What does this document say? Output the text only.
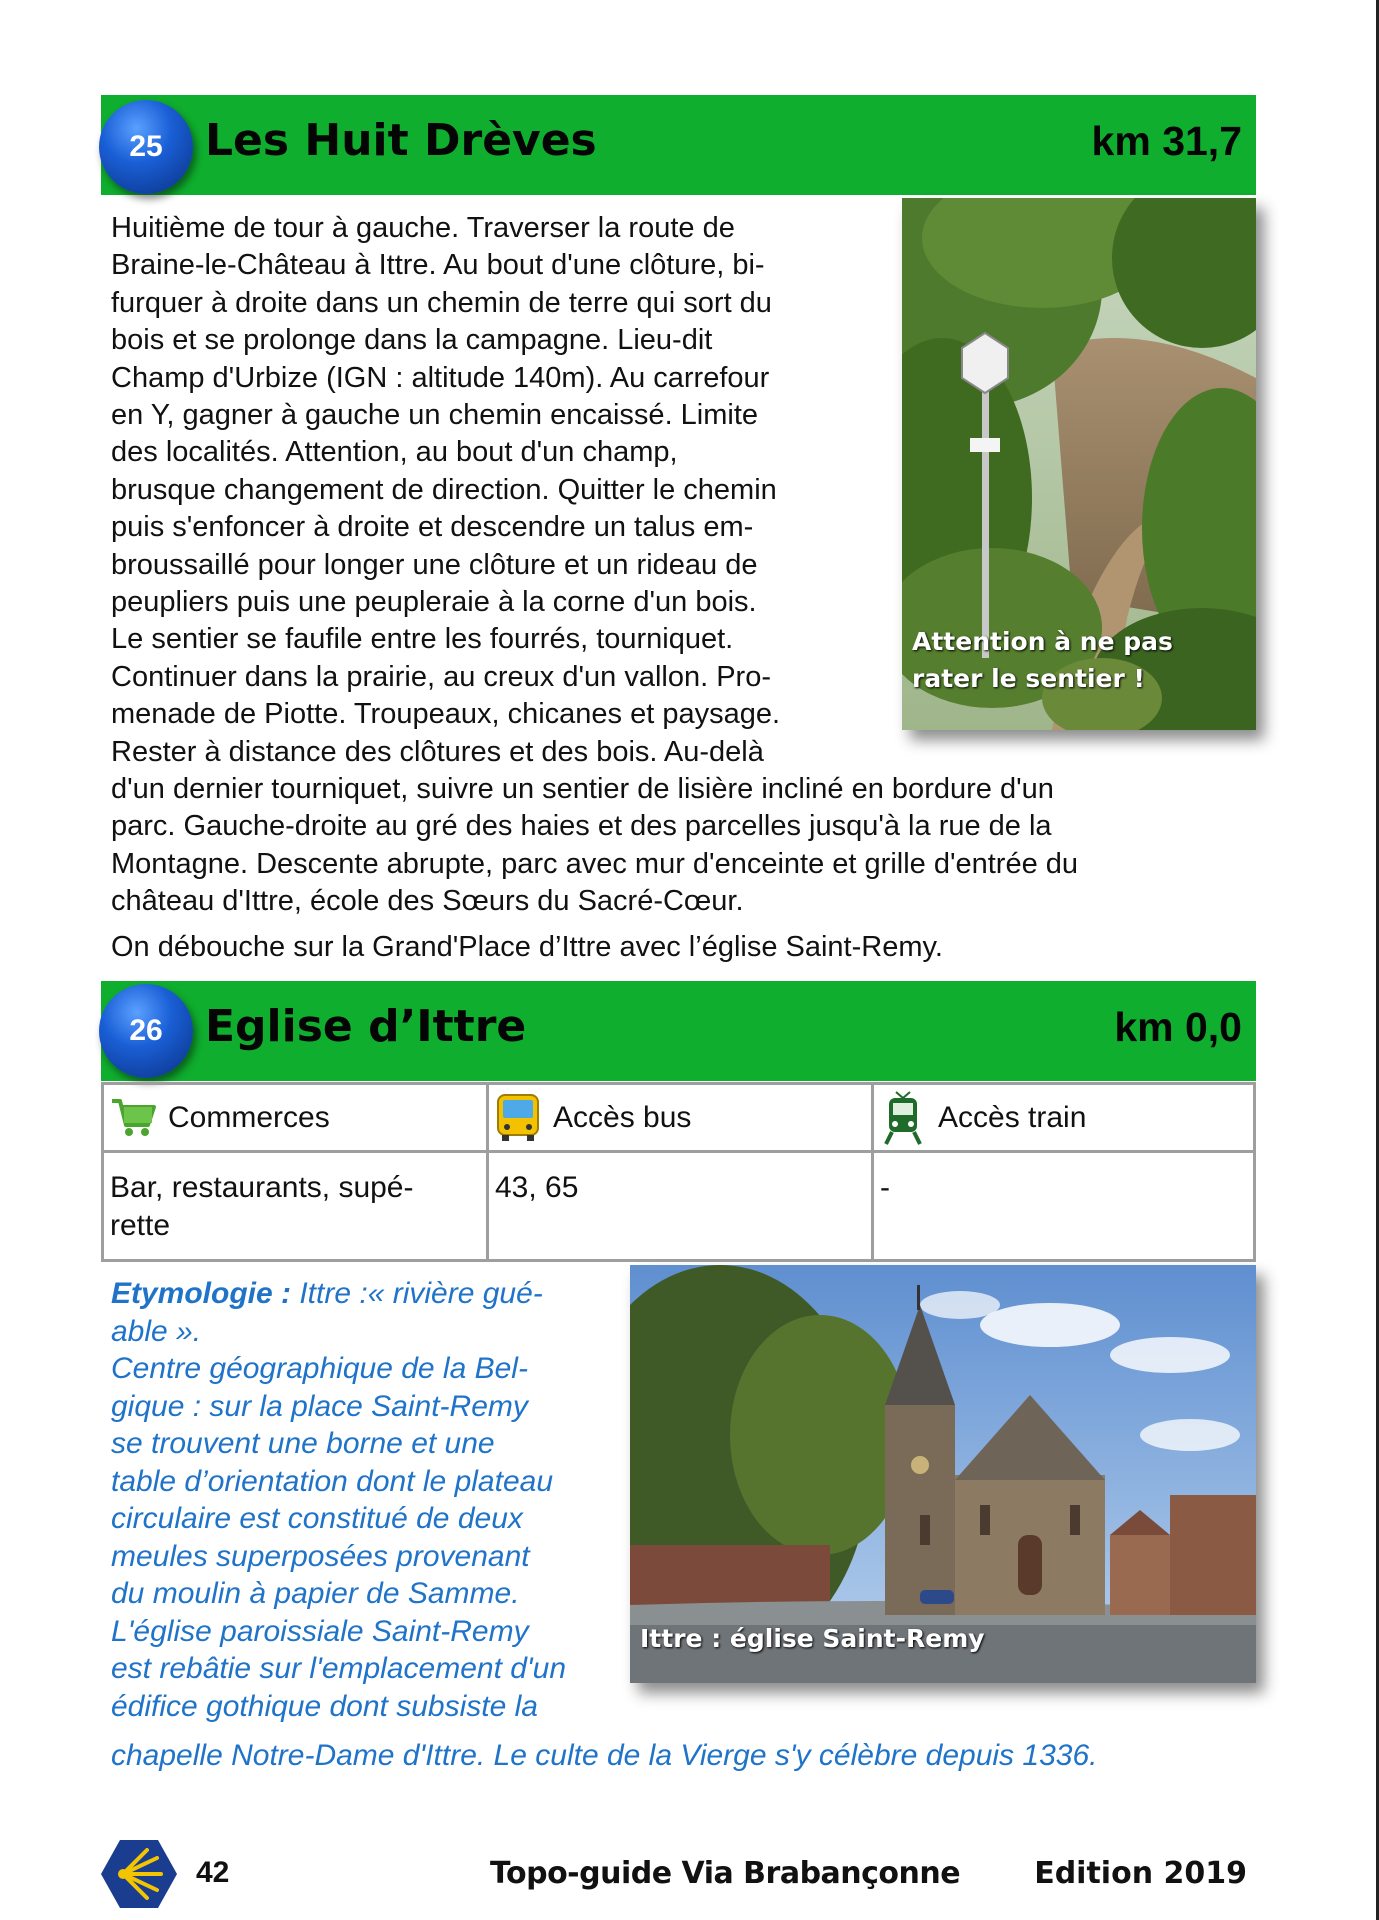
25 Les Huit Drèves	km 31,7
Huitième de tour à gauche. Traverser la route de
Braine-le-Château à Ittre. Au bout d'une clôture, bi-
furquer à droite dans un chemin de terre qui sort du
bois et se prolonge dans la campagne. Lieu-dit
Champ d'Urbize (IGN : altitude 140m). Au carrefour
en Y, gagner à gauche un chemin encaissé. Limite
des localités. Attention, au bout d'un champ,
brusque changement de direction. Quitter le chemin
puis s'enfoncer à droite et descendre un talus em-
broussaillé pour longer une clôture et un rideau de
peupliers puis une peupleraie à la corne d'un bois.
Le sentier se faufile entre les fourrés, tourniquet.
Continuer dans la prairie, au creux d'un vallon. Pro-
menade de Piotte. Troupeaux, chicanes et paysage.
Rester à distance des clôtures et des bois. Au-delà
d'un dernier tourniquet, suivre un sentier de lisière incliné en bordure d'un
parc. Gauche-droite au gré des haies et des parcelles jusqu'à la rue de la
Montagne. Descente abrupte, parc avec mur d'enceinte et grille d'entrée du
château d'Ittre, école des Sœurs du Sacré-Cœur.
On débouche sur la Grand'Place d’Ittre avec l’église Saint-Remy.
Attention à ne pas
rater le sentier !
26 Eglise d’Ittre	km 0,0
Commerces	Accès bus	Accès train

Bar, restaurants, supé-
rette	43, 65	-
Etymologie : Ittre :« rivière gué-
able ».
Centre géographique de la Bel-
gique : sur la place Saint-Remy
se trouvent une borne et une
table d’orientation dont le plateau
circulaire est constitué de deux
meules superposées provenant
du moulin à papier de Samme.
L'église paroissiale Saint-Remy
est rebâtie sur l'emplacement d'un
édifice gothique dont subsiste la
chapelle Notre-Dame d'Ittre. Le culte de la Vierge s'y célèbre depuis 1336.
Ittre : église Saint-Remy
42	Topo-guide Via Brabançonne Edition 2019
